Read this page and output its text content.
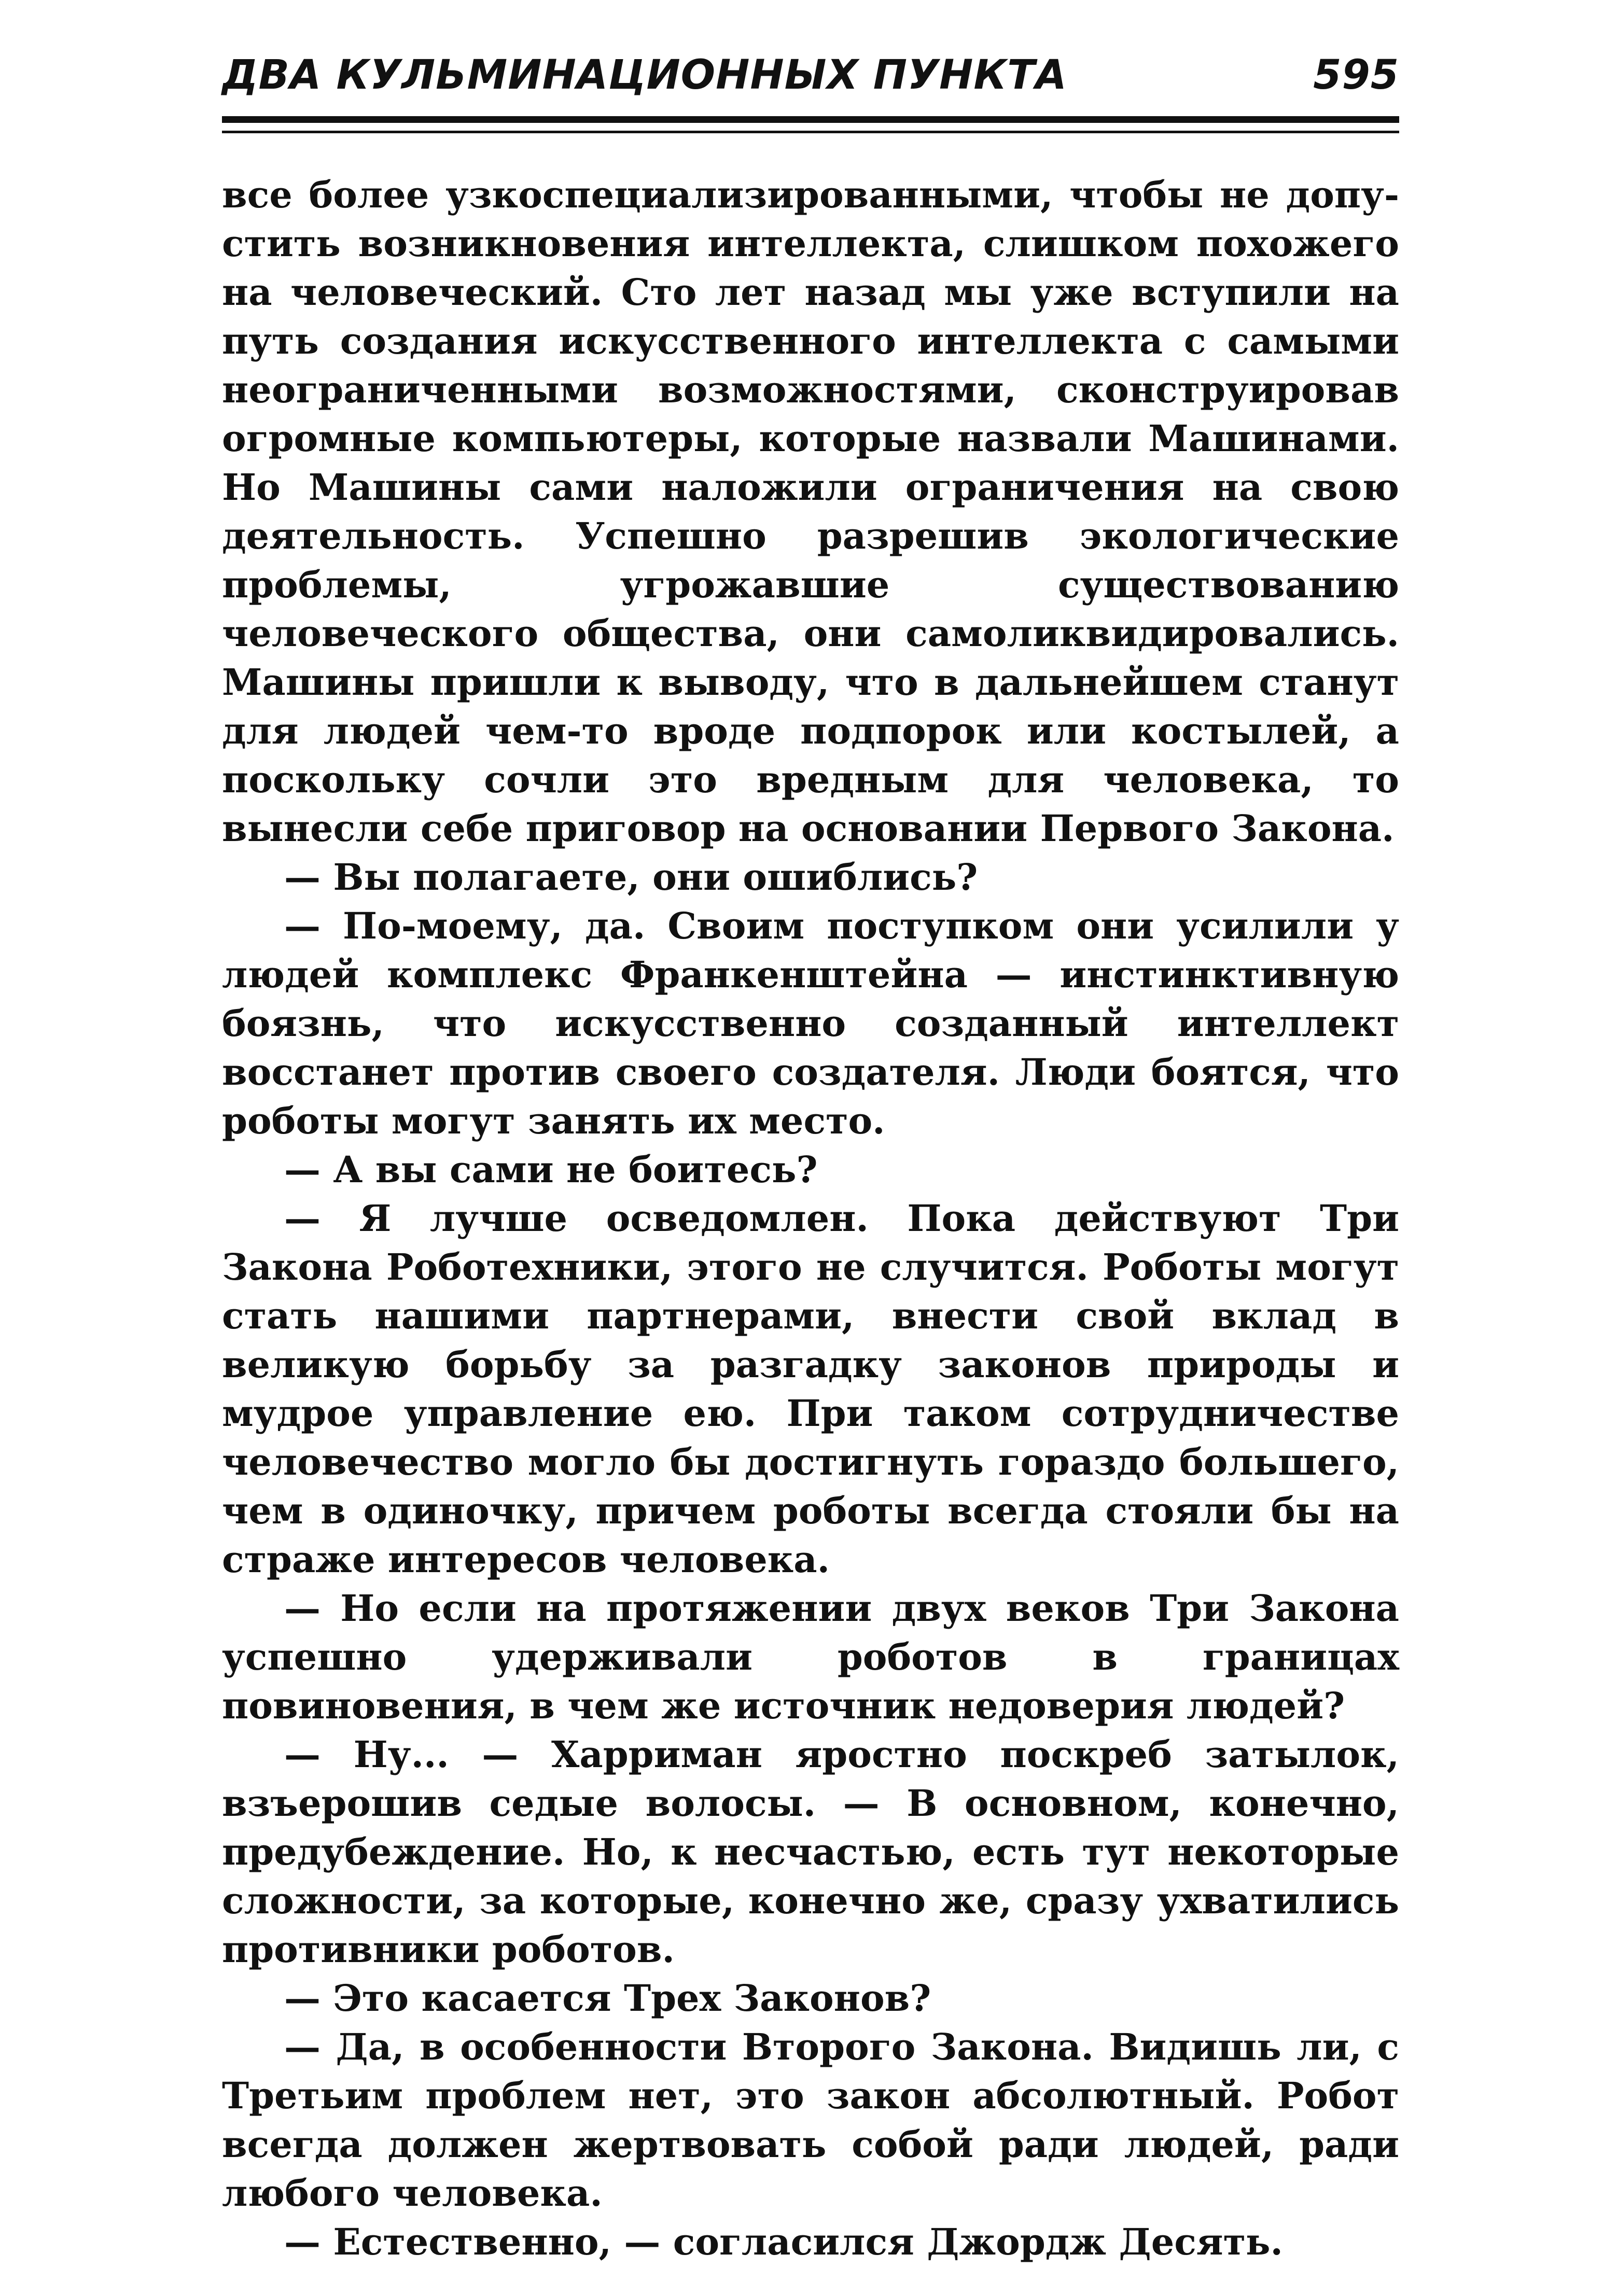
ДВА КУЛЬМИНАЦИОННЫХ ПУНКТА	595

все более узкоспециализированными, чтобы не допустить возникновения интеллекта, слишком похожего на человеческий. Сто лет назад мы уже вступили на путь создания искусственного интеллекта с самыми неограниченными возможностями, сконструировав огромные компьютеры, которые назвали Машинами. Но Машины сами наложили ограничения на свою деятельность. Успешно разрешив экологические проблемы, угрожавшие существованию человеческого общества, они самоликвидировались. Машины пришли к выводу, что в дальнейшем станут для людей чем-то вроде подпорок или костылей, а поскольку сочли это вредным для человека, то вынесли себе приговор на основании Первого Закона.

— Вы полагаете, они ошиблись?

— По-моему, да. Своим поступком они усилили у людей комплекс Франкенштейна — инстинктивную боязнь, что искусственно созданный интеллект восстанет против своего создателя. Люди боятся, что роботы могут занять их место.

— А вы сами не боитесь?

— Я лучше осведомлен. Пока действуют Три Закона Роботехники, этого не случится. Роботы могут стать нашими партнерами, внести свой вклад в великую борьбу за разгадку законов природы и мудрое управление ею. При таком сотрудничестве человечество могло бы достигнуть гораздо большего, чем в одиночку, причем роботы всегда стояли бы на страже интересов человека.

— Но если на протяжении двух веков Три Закона успешно удерживали роботов в границах повиновения, в чем же источник недоверия людей?

— Ну... — Харриман яростно поскреб затылок, взъерошив седые волосы. — В основном, конечно, предубеждение. Но, к несчастью, есть тут некоторые сложности, за которые, конечно же, сразу ухватились противники роботов.

— Это касается Трех Законов?

— Да, в особенности Второго Закона. Видишь ли, с Третьим проблем нет, это закон абсолютный. Робот всегда должен жертвовать собой ради людей, ради любого человека.

— Естественно, — согласился Джордж Десять.
